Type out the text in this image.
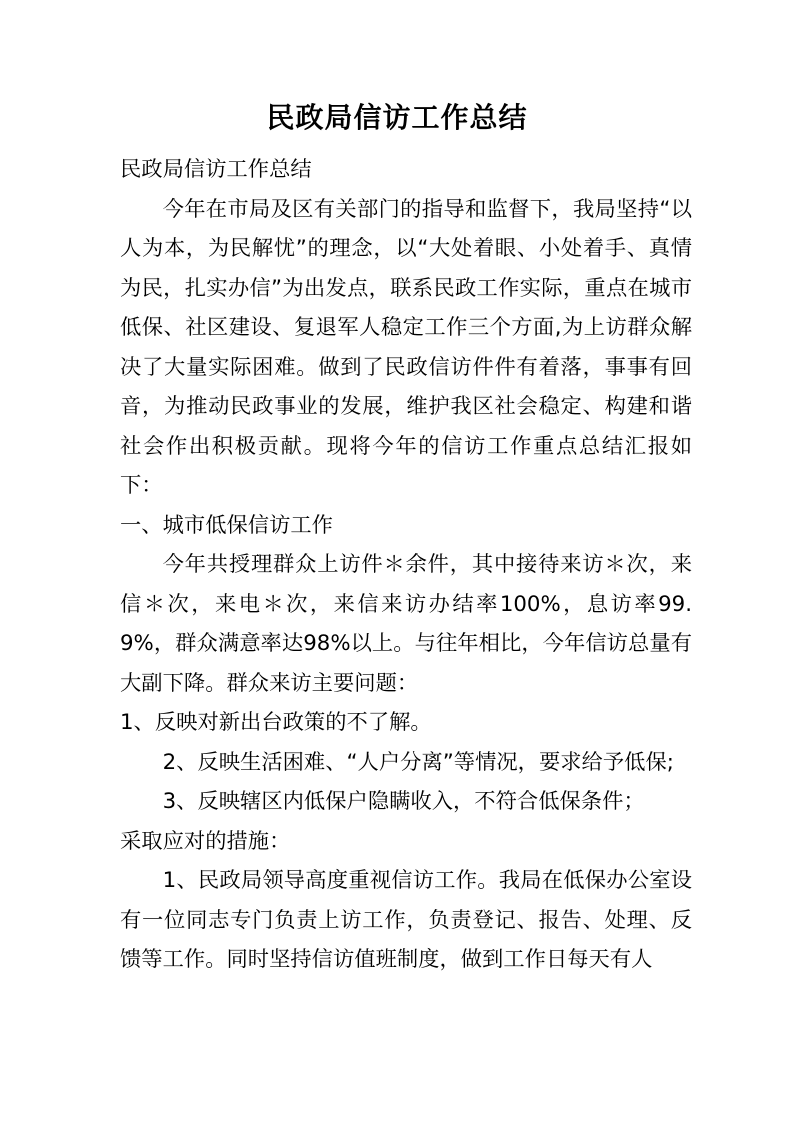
民政局信访工作总结

民政局信访工作总结

今年在市局及区有关部门的指导和监督下，我局坚持“以人为本，为民解忧”的理念，以“大处着眼、小处着手、真情为民，扎实办信”为出发点，联系民政工作实际，重点在城市低保、社区建设、复退军人稳定工作三个方面,为上访群众解决了大量实际困难。做到了民政信访件件有着落，事事有回音，为推动民政事业的发展，维护我区社会稳定、构建和谐社会作出积极贡献。现将今年的信访工作重点总结汇报如下：

一、城市低保信访工作

今年共授理群众上访件＊余件，其中接待来访＊次，来信＊次，来电＊次，来信来访办结率100%，息访率99.9%，群众满意率达98%以上。与往年相比，今年信访总量有大副下降。群众来访主要问题：

1、反映对新出台政策的不了解。

2、反映生活困难、“人户分离”等情况，要求给予低保;

3、反映辖区内低保户隐瞒收入，不符合低保条件；

采取应对的措施：

1、民政局领导高度重视信访工作。我局在低保办公室设有一位同志专门负责上访工作，负责登记、报告、处理、反馈等工作。同时坚持信访值班制度，做到工作日每天有人
